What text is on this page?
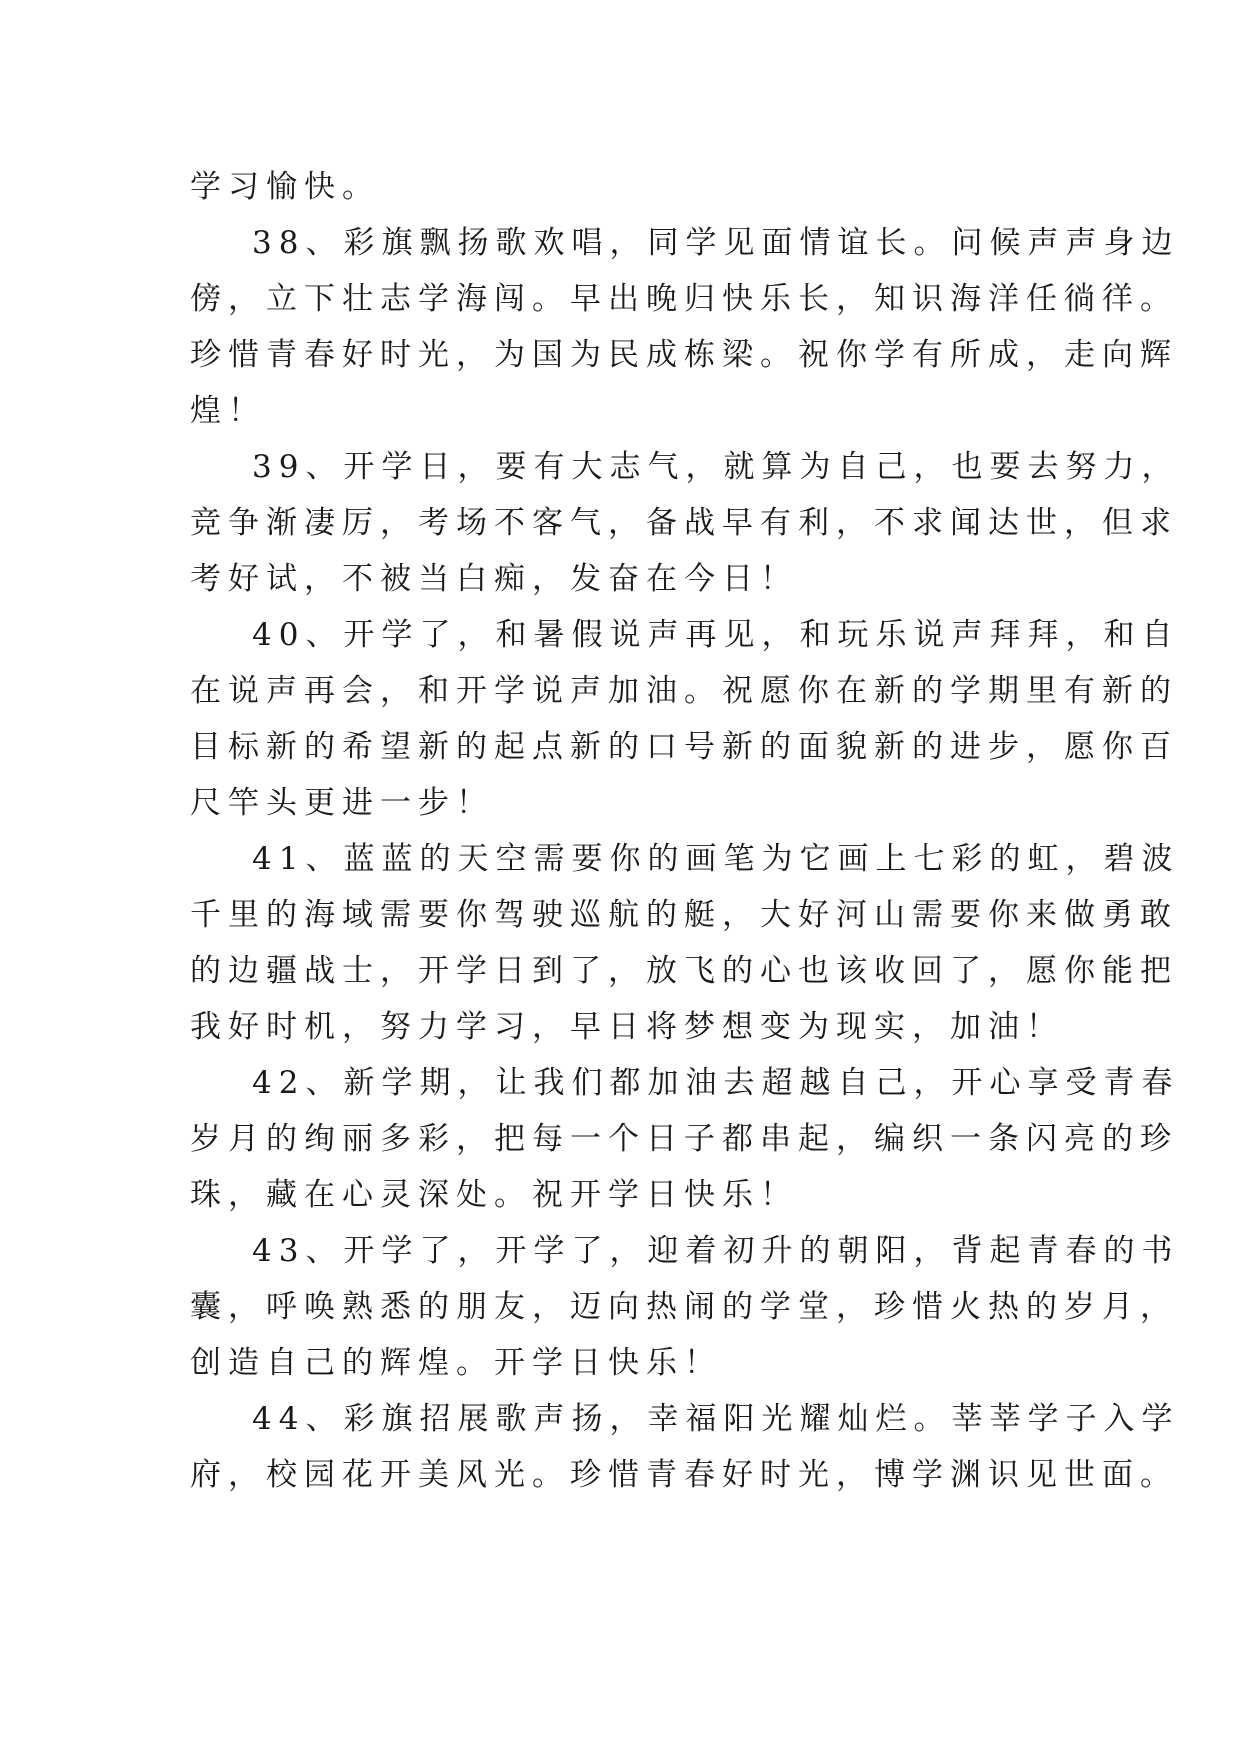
学习愉快。
38、彩旗飘扬歌欢唱，同学见面情谊长。问候声声身边
傍，立下壮志学海闯。早出晚归快乐长，知识海洋任徜徉。
珍惜青春好时光，为国为民成栋梁。祝你学有所成，走向辉
煌！
39、开学日，要有大志气，就算为自己，也要去努力，
竞争渐凄厉，考场不客气，备战早有利，不求闻达世，但求
考好试，不被当白痴，发奋在今日！
40、开学了，和暑假说声再见，和玩乐说声拜拜，和自
在说声再会，和开学说声加油。祝愿你在新的学期里有新的
目标新的希望新的起点新的口号新的面貌新的进步，愿你百
尺竿头更进一步！
41、蓝蓝的天空需要你的画笔为它画上七彩的虹，碧波
千里的海域需要你驾驶巡航的艇，大好河山需要你来做勇敢
的边疆战士，开学日到了，放飞的心也该收回了，愿你能把
我好时机，努力学习，早日将梦想变为现实，加油！
42、新学期，让我们都加油去超越自己，开心享受青春
岁月的绚丽多彩，把每一个日子都串起，编织一条闪亮的珍
珠，藏在心灵深处。祝开学日快乐！
43、开学了，开学了，迎着初升的朝阳，背起青春的书
囊，呼唤熟悉的朋友，迈向热闹的学堂，珍惜火热的岁月，
创造自己的辉煌。开学日快乐！
44、彩旗招展歌声扬，幸福阳光耀灿烂。莘莘学子入学
府，校园花开美风光。珍惜青春好时光，博学渊识见世面。
